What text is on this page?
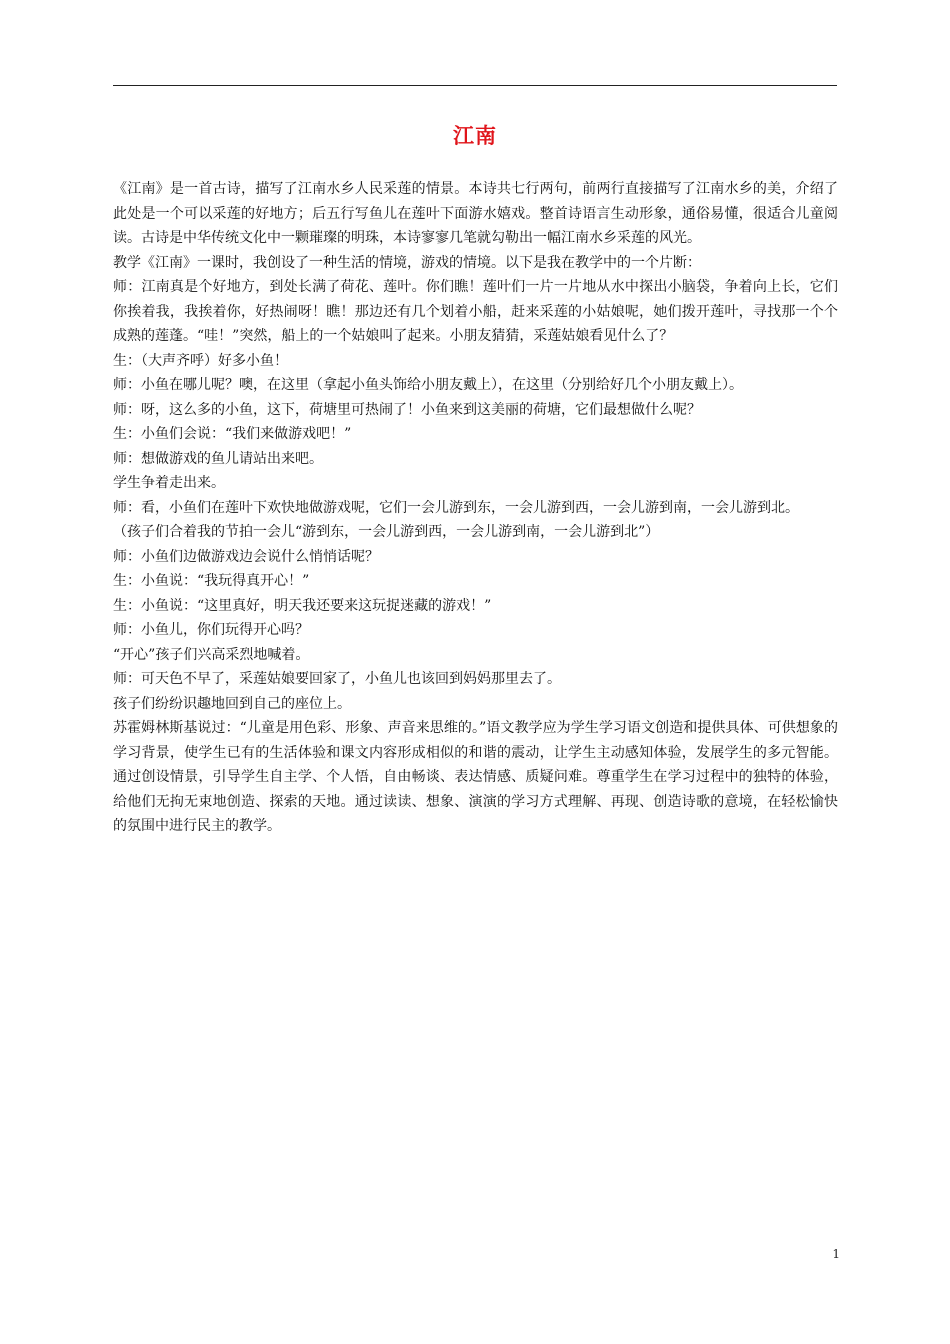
江南

《江南》是一首古诗，描写了江南水乡人民采莲的情景。本诗共七行两句，前两行直接描写了江南水乡的美，介绍了此处是一个可以采莲的好地方；后五行写鱼儿在莲叶下面游水嬉戏。整首诗语言生动形象，通俗易懂，很适合儿童阅读。古诗是中华传统文化中一颗璀璨的明珠，本诗寥寥几笔就勾勒出一幅江南水乡采莲的风光。

教学《江南》一课时，我创设了一种生活的情境，游戏的情境。以下是我在教学中的一个片断：

师：江南真是个好地方，到处长满了荷花、莲叶。你们瞧！莲叶们一片一片地从水中探出小脑袋，争着向上长，它们你挨着我，我挨着你，好热闹呀！瞧！那边还有几个划着小船，赶来采莲的小姑娘呢，她们拨开莲叶，寻找那一个个成熟的莲蓬。“哇！”突然，船上的一个姑娘叫了起来。小朋友猜猜，采莲姑娘看见什么了？

生：（大声齐呼）好多小鱼！

师：小鱼在哪儿呢？噢，在这里（拿起小鱼头饰给小朋友戴上），在这里（分别给好几个小朋友戴上）。

师：呀，这么多的小鱼，这下，荷塘里可热闹了！小鱼来到这美丽的荷塘，它们最想做什么呢？

生：小鱼们会说：“我们来做游戏吧！”

师：想做游戏的鱼儿请站出来吧。

学生争着走出来。

师：看，小鱼们在莲叶下欢快地做游戏呢，它们一会儿游到东，一会儿游到西，一会儿游到南，一会儿游到北。

（孩子们合着我的节拍一会儿“游到东，一会儿游到西，一会儿游到南，一会儿游到北”）

师：小鱼们边做游戏边会说什么悄悄话呢？

生：小鱼说：“我玩得真开心！”

生：小鱼说：“这里真好，明天我还要来这玩捉迷藏的游戏！”

师：小鱼儿，你们玩得开心吗？

“开心”孩子们兴高采烈地喊着。

师：可天色不早了，采莲姑娘要回家了，小鱼儿也该回到妈妈那里去了。

孩子们纷纷识趣地回到自己的座位上。

苏霍姆林斯基说过：“儿童是用色彩、形象、声音来思维的。”语文教学应为学生学习语文创造和提供具体、可供想象的学习背景，使学生已有的生活体验和课文内容形成相似的和谐的震动，让学生主动感知体验，发展学生的多元智能。通过创设情景，引导学生自主学、个人悟，自由畅谈、表达情感、质疑问难。尊重学生在学习过程中的独特的体验，给他们无拘无束地创造、探索的天地。通过读读、想象、演演的学习方式理解、再现、创造诗歌的意境，在轻松愉快的氛围中进行民主的教学。

1
